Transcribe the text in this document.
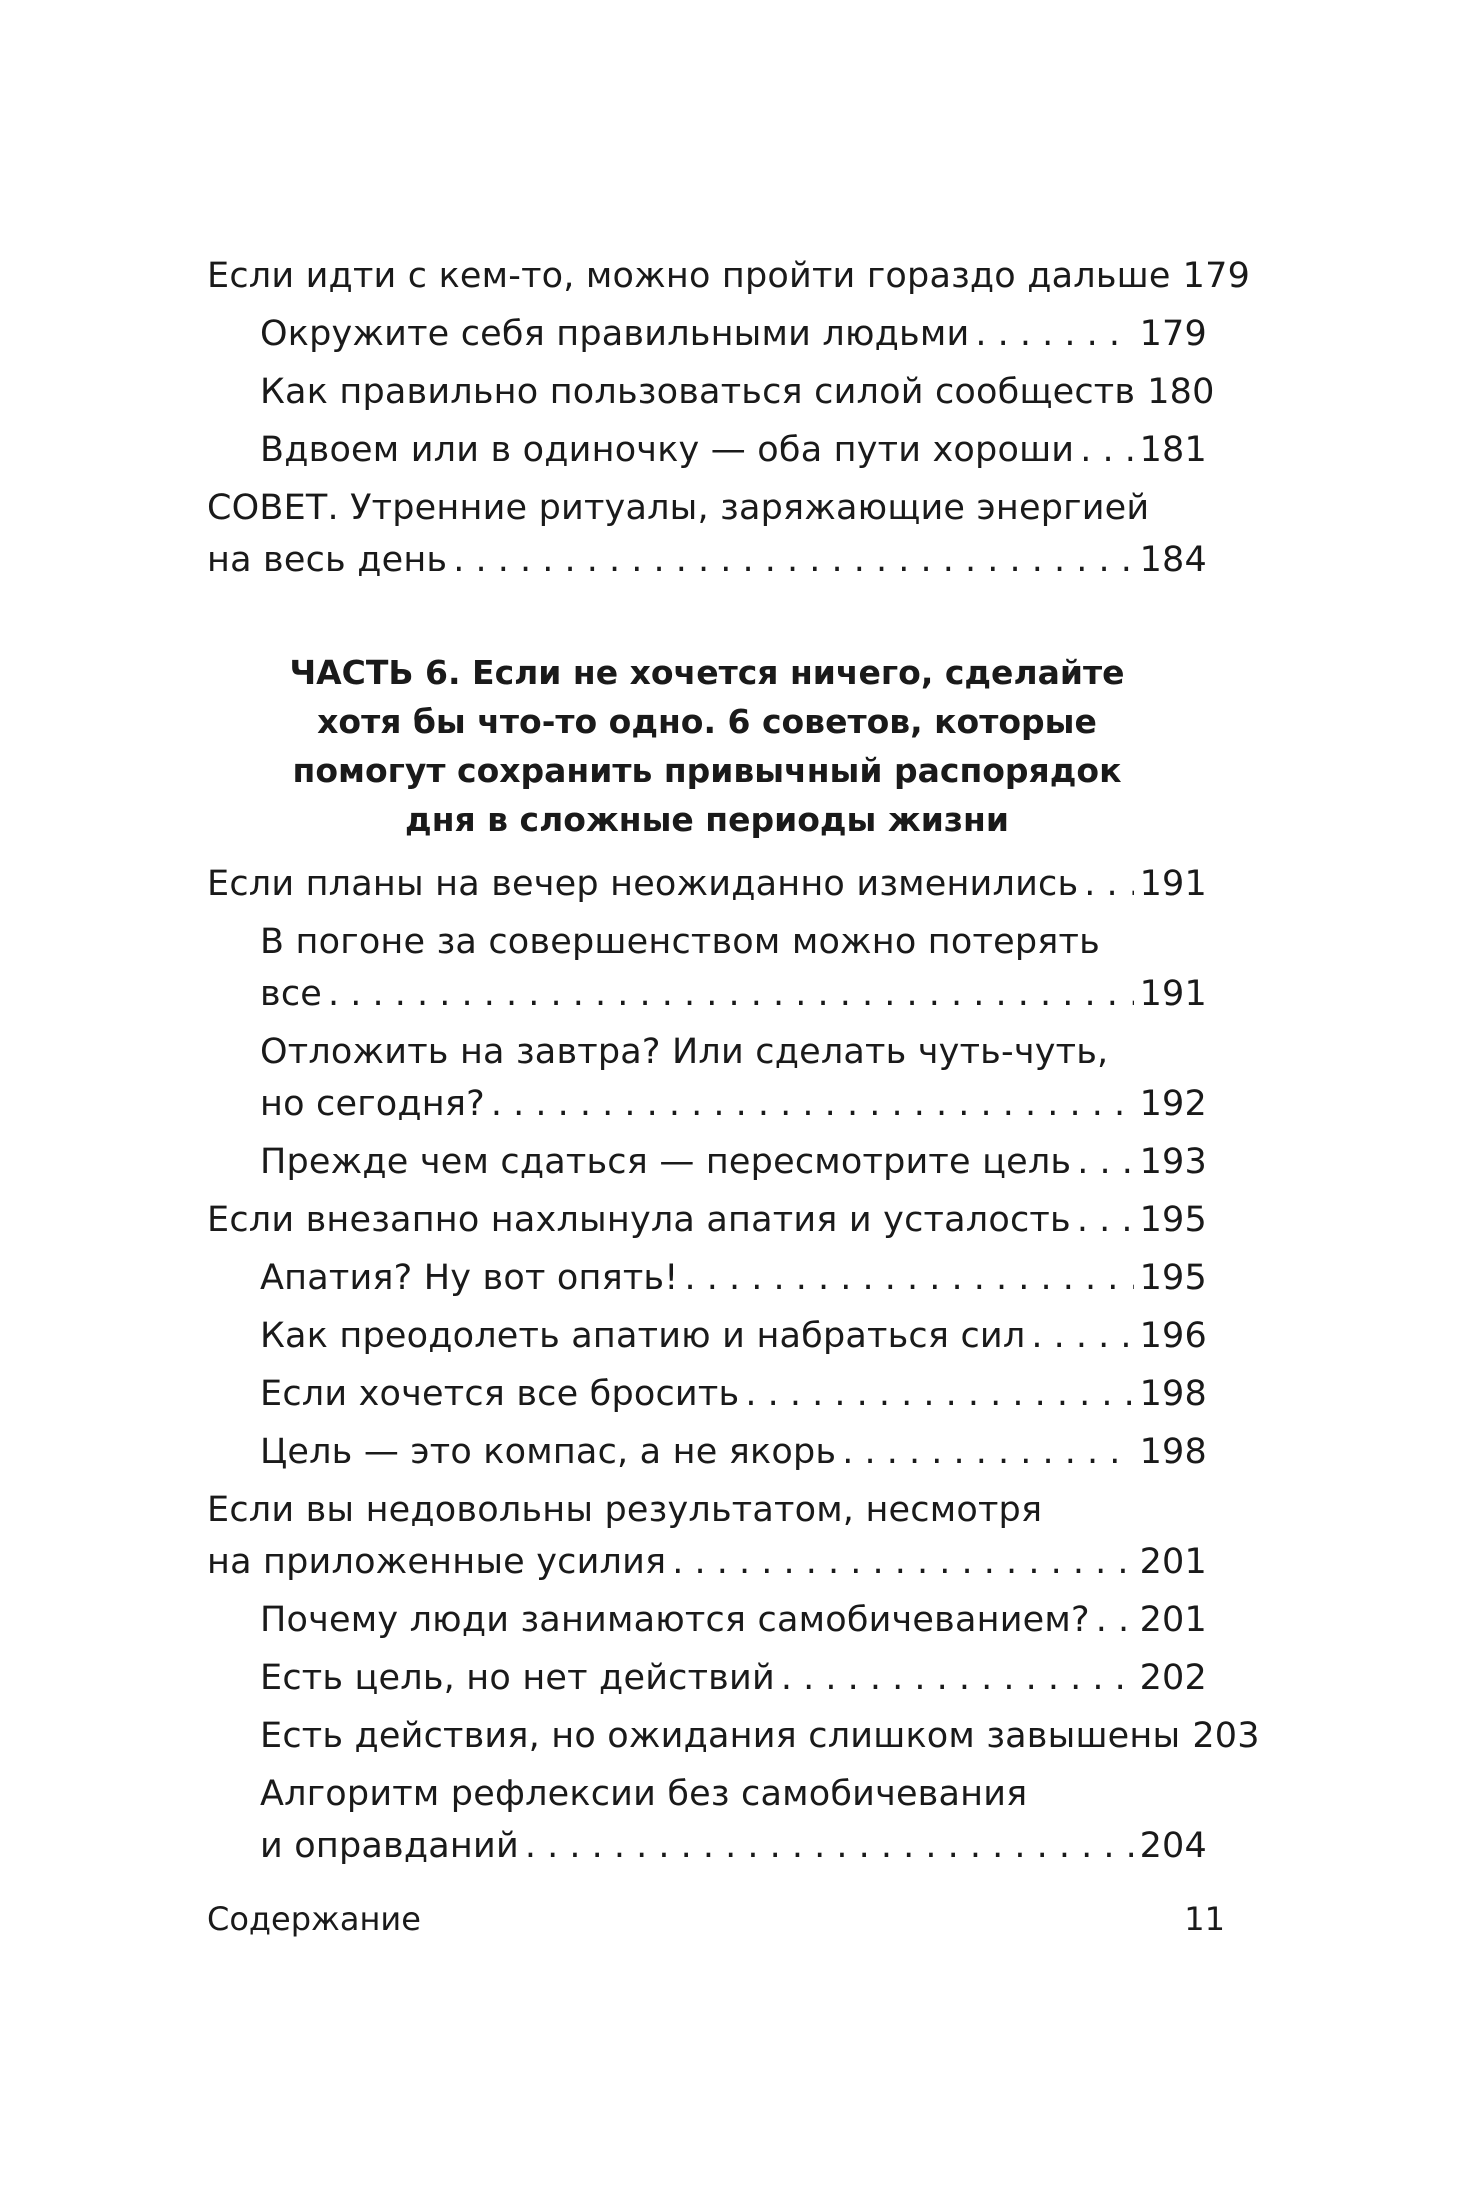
Если идти с кем-то, можно пройти гораздо дальше 179
Окружите себя правильными людьми . . .	179
Как правильно пользоваться силой сообществ 180
Вдвоем или в одиночку — оба пути хороши . . . 181
СОВЕТ. Утренние ритуалы, заряжающие энергией
на весь день . . .	184
ЧАСТЬ 6. Если не хочется ничего, сделайте хотя бы что-то одно. 6 советов, которые помогут сохранить привычный распорядок дня в сложные периоды жизни
Если планы на вечер неожиданно изменились . . . 191
В погоне за совершенством можно потерять
все . . .	191
Отложить на завтра? Или сделать чуть-чуть,
но сегодня? . . .	192
Прежде чем сдаться — пересмотрите цель . . . 193
Если внезапно нахлынула апатия и усталость . . . 195
Апатия? Ну вот опять! . . .	195
Как преодолеть апатию и набраться сил . . .	196
Если хочется все бросить . . .	198
Цель — это компас, а не якорь . . .	198
Если вы недовольны результатом, несмотря
на приложенные усилия . . .	201
Почему люди занимаются самобичеванием? . . . 201
Есть цель, но нет действий . . .	202
Есть действия, но ожидания слишком завышены 203
Алгоритм рефлексии без самобичевания
и оправданий . . .	204
Содержание	11
